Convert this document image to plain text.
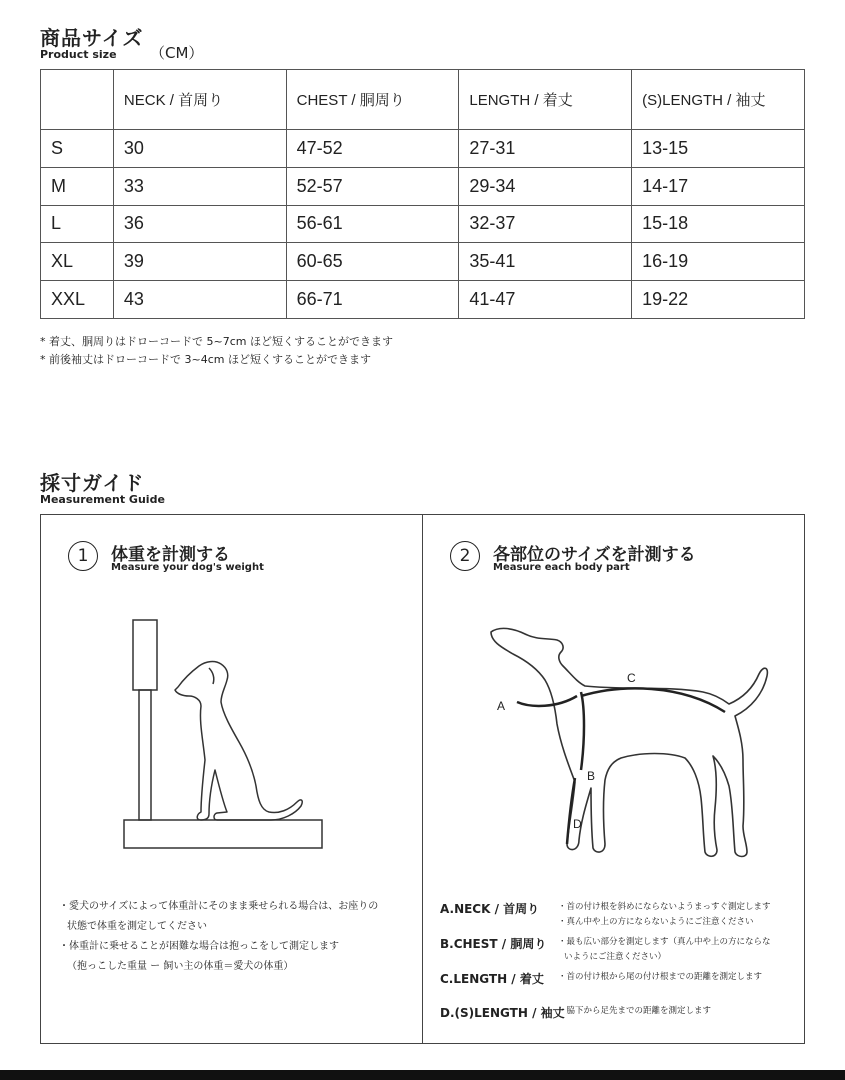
商品サイズ
Product size （CM）
	NECK / 首周り	CHEST / 胴周り	LENGTH / 着丈	(S)LENGTH / 袖丈
S	30	47-52	27-31	13-15
M	33	52-57	29-34	14-17
L	36	56-61	32-37	15-18
XL	39	60-65	35-41	16-19
XXL	43	66-71	41-47	19-22
* 着丈、胴周りはドローコードで 5~7cm ほど短くすることができます
* 前後袖丈はドローコードで 3~4cm ほど短くすることができます
採寸ガイド
Measurement Guide
1	体重を計測する
Measure your dog's weight
・愛犬のサイズによって体重計にそのまま乗せられる場合は、お座りの
状態で体重を測定してください
・体重計に乗せることが困難な場合は抱っこをして測定します
（抱っこした重量 ー 飼い主の体重＝愛犬の体重）
2	各部位のサイズを計測する
Measure each body part
A
C
B
D
A.NECK / 首周り ・首の付け根を斜めにならないようまっすぐ測定します
・真ん中や上の方にならないようにご注意ください
B.CHEST / 胴周り ・最も広い部分を測定します（真ん中や上の方にならな
いようにご注意ください）
C.LENGTH / 着丈 ・首の付け根から尾の付け根までの距離を測定します
D.(S)LENGTH / 袖丈
・脇下から足先までの距離を測定します
